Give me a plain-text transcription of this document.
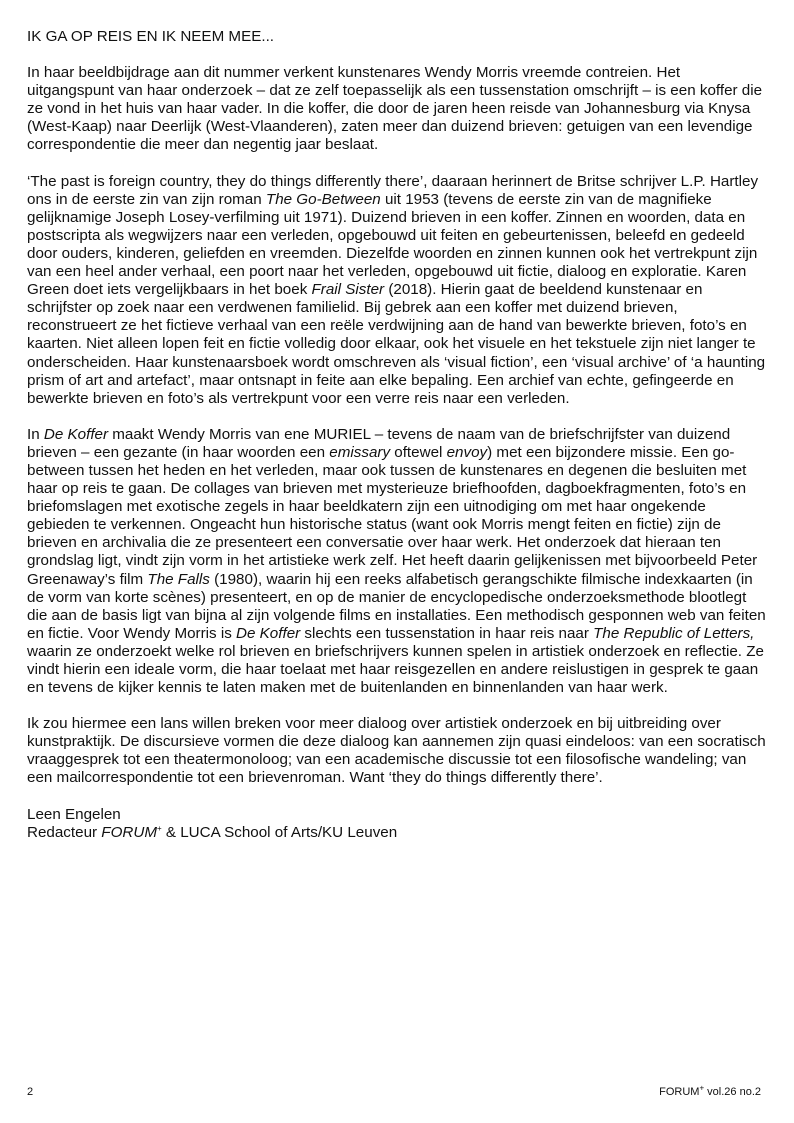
IK GA OP REIS EN IK NEEM MEE...

In haar beeldbijdrage aan dit nummer verkent kunstenares Wendy Morris vreemde contreien. Het uitgangspunt van haar onderzoek – dat ze zelf toepasselijk als een tussenstation omschrijft – is een koffer die ze vond in het huis van haar vader. In die koffer, die door de jaren heen reisde van Johannesburg via Knysa (West-Kaap) naar Deerlijk (West-Vlaanderen), zaten meer dan duizend brieven: getuigen van een levendige correspondentie die meer dan negentig jaar beslaat.

‘The past is foreign country, they do things differently there’, daaraan herinnert de Britse schrijver L.P. Hartley ons in de eerste zin van zijn roman The Go-Between uit 1953 (tevens de eerste zin van de magnifieke gelijknamige Joseph Losey-verfilming uit 1971). Duizend brieven in een koffer. Zinnen en woorden, data en postscripta als wegwijzers naar een verleden, opgebouwd uit feiten en gebeurtenissen, beleefd en gedeeld door ouders, kinderen, geliefden en vreemden. Diezelfde woorden en zinnen kunnen ook het vertrekpunt zijn van een heel ander verhaal, een poort naar het verleden, opgebouwd uit fictie, dialoog en exploratie. Karen Green doet iets vergelijkbaars in het boek Frail Sister (2018). Hierin gaat de beeldend kunstenaar en schrijfster op zoek naar een verdwenen familielid. Bij gebrek aan een koffer met duizend brieven, reconstrueert ze het fictieve verhaal van een reële verdwijning aan de hand van bewerkte brieven, foto’s en kaarten. Niet alleen lopen feit en fictie volledig door elkaar, ook het visuele en het tekstuele zijn niet langer te onderscheiden. Haar kunstenaarsboek wordt omschreven als ‘visual fiction’, een ‘visual archive’ of ‘a haunting prism of art and artefact’, maar ontsnapt in feite aan elke bepaling. Een archief van echte, gefingeerde en bewerkte brieven en foto’s als vertrekpunt voor een verre reis naar een verleden.

In De Koffer maakt Wendy Morris van ene MURIEL – tevens de naam van de briefschrijfster van duizend brieven – een gezante (in haar woorden een emissary oftewel envoy) met een bijzondere missie. Een go-between tussen het heden en het verleden, maar ook tussen de kunstenares en degenen die besluiten met haar op reis te gaan. De collages van brieven met mysterieuze briefhoofden, dagboekfragmenten, foto’s en briefomslagen met exotische zegels in haar beeldkatern zijn een uitnodiging om met haar ongekende gebieden te verkennen. Ongeacht hun historische status (want ook Morris mengt feiten en fictie) zijn de brieven en archivalia die ze presenteert een conversatie over haar werk. Het onderzoek dat hieraan ten grondslag ligt, vindt zijn vorm in het artistieke werk zelf. Het heeft daarin gelijkenissen met bijvoorbeeld Peter Greenaway’s film The Falls (1980), waarin hij een reeks alfabetisch gerangschikte filmische indexkaarten (in de vorm van korte scènes) presenteert, en op de manier de encyclopedische onderzoeksmethode blootlegt die aan de basis ligt van bijna al zijn volgende films en installaties. Een methodisch gesponnen web van feiten en fictie. Voor Wendy Morris is De Koffer slechts een tussenstation in haar reis naar The Republic of Letters, waarin ze onderzoekt welke rol brieven en briefschrijvers kunnen spelen in artistiek onderzoek en reflectie. Ze vindt hierin een ideale vorm, die haar toelaat met haar reisgezellen en andere reislustigen in gesprek te gaan en tevens de kijker kennis te laten maken met de buitenlanden en binnenlanden van haar werk.

Ik zou hiermee een lans willen breken voor meer dialoog over artistiek onderzoek en bij uitbreiding over kunstpraktijk. De discursieve vormen die deze dialoog kan aannemen zijn quasi eindeloos: van een socratisch vraaggesprek tot een theatermonoloog; van een academische discussie tot een filosofische wandeling; van een mailcorrespondentie tot een brievenroman. Want ‘they do things differently there’.

Leen Engelen
Redacteur FORUM+ & LUCA School of Arts/KU Leuven
2	FORUM+ vol.26 no.2
